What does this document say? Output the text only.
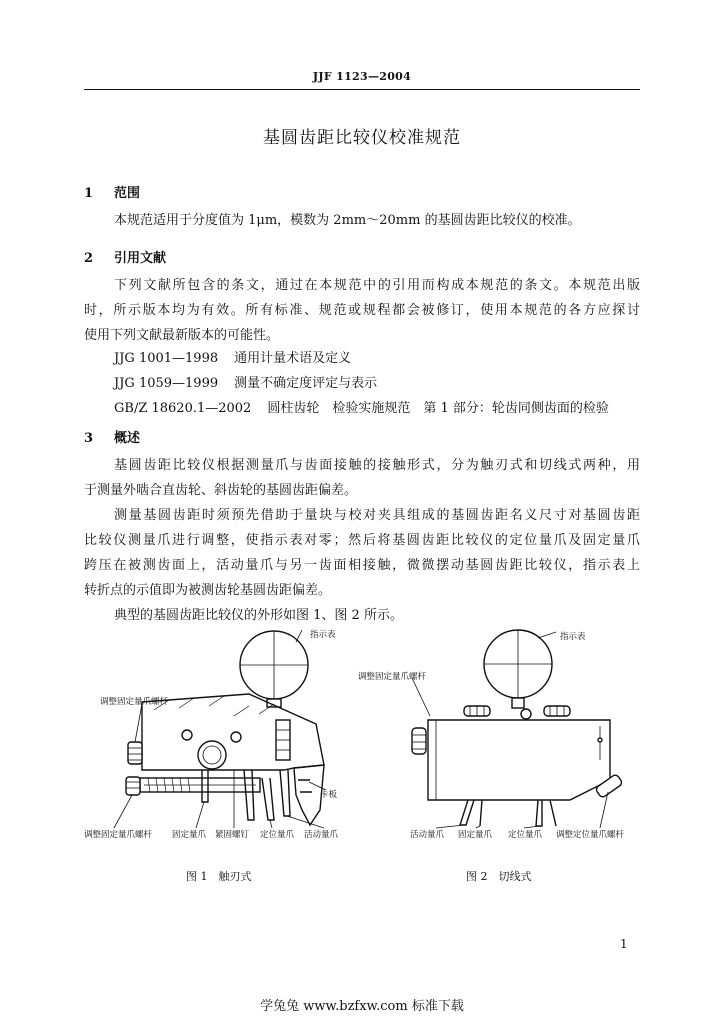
JJF 1123—2004
基圆齿距比较仪校准规范
1 范围
本规范适用于分度值为 1μm，模数为 2mm～20mm 的基圆齿距比较仪的校准。
2 引用文献
下列文献所包含的条文，通过在本规范中的引用而构成本规范的条文。本规范出版
时，所示版本均为有效。所有标准、规范或规程都会被修订，使用本规范的各方应探讨
使用下列文献最新版本的可能性。
JJG 1001—1998 通用计量术语及定义
JJG 1059—1999 测量不确定度评定与表示
GB/Z 18620.1—2002 圆柱齿轮　检验实施规范　第 1 部分：轮齿同侧齿面的检验
3 概述
基圆齿距比较仪根据测量爪与齿面接触的接触形式，分为触刃式和切线式两种，用
于测量外啮合直齿轮、斜齿轮的基圆齿距偏差。
测量基圆齿距时须预先借助于量块与校对夹具组成的基圆齿距名义尺寸对基圆齿距
比较仪测量爪进行调整，使指示表对零；然后将基圆齿距比较仪的定位量爪及固定量爪
跨压在被测齿面上，活动量爪与另一齿面相接触，微微摆动基圆齿距比较仪，指示表上
转折点的示值即为被测齿轮基圆齿距偏差。
典型的基圆齿距比较仪的外形如图 1、图 2 所示。
指示表
调整固定量爪螺杆
卡板
调整固定量爪螺杆 固定量爪 紧固螺钉 定位量爪 活动量爪
图 1　触刃式
指示表
调整固定量爪螺杆
活动量爪 固定量爪 定位量爪 调整定位量爪螺杆
图 2　切线式
1
学兔兔 www.bzfxw.com 标准下载
